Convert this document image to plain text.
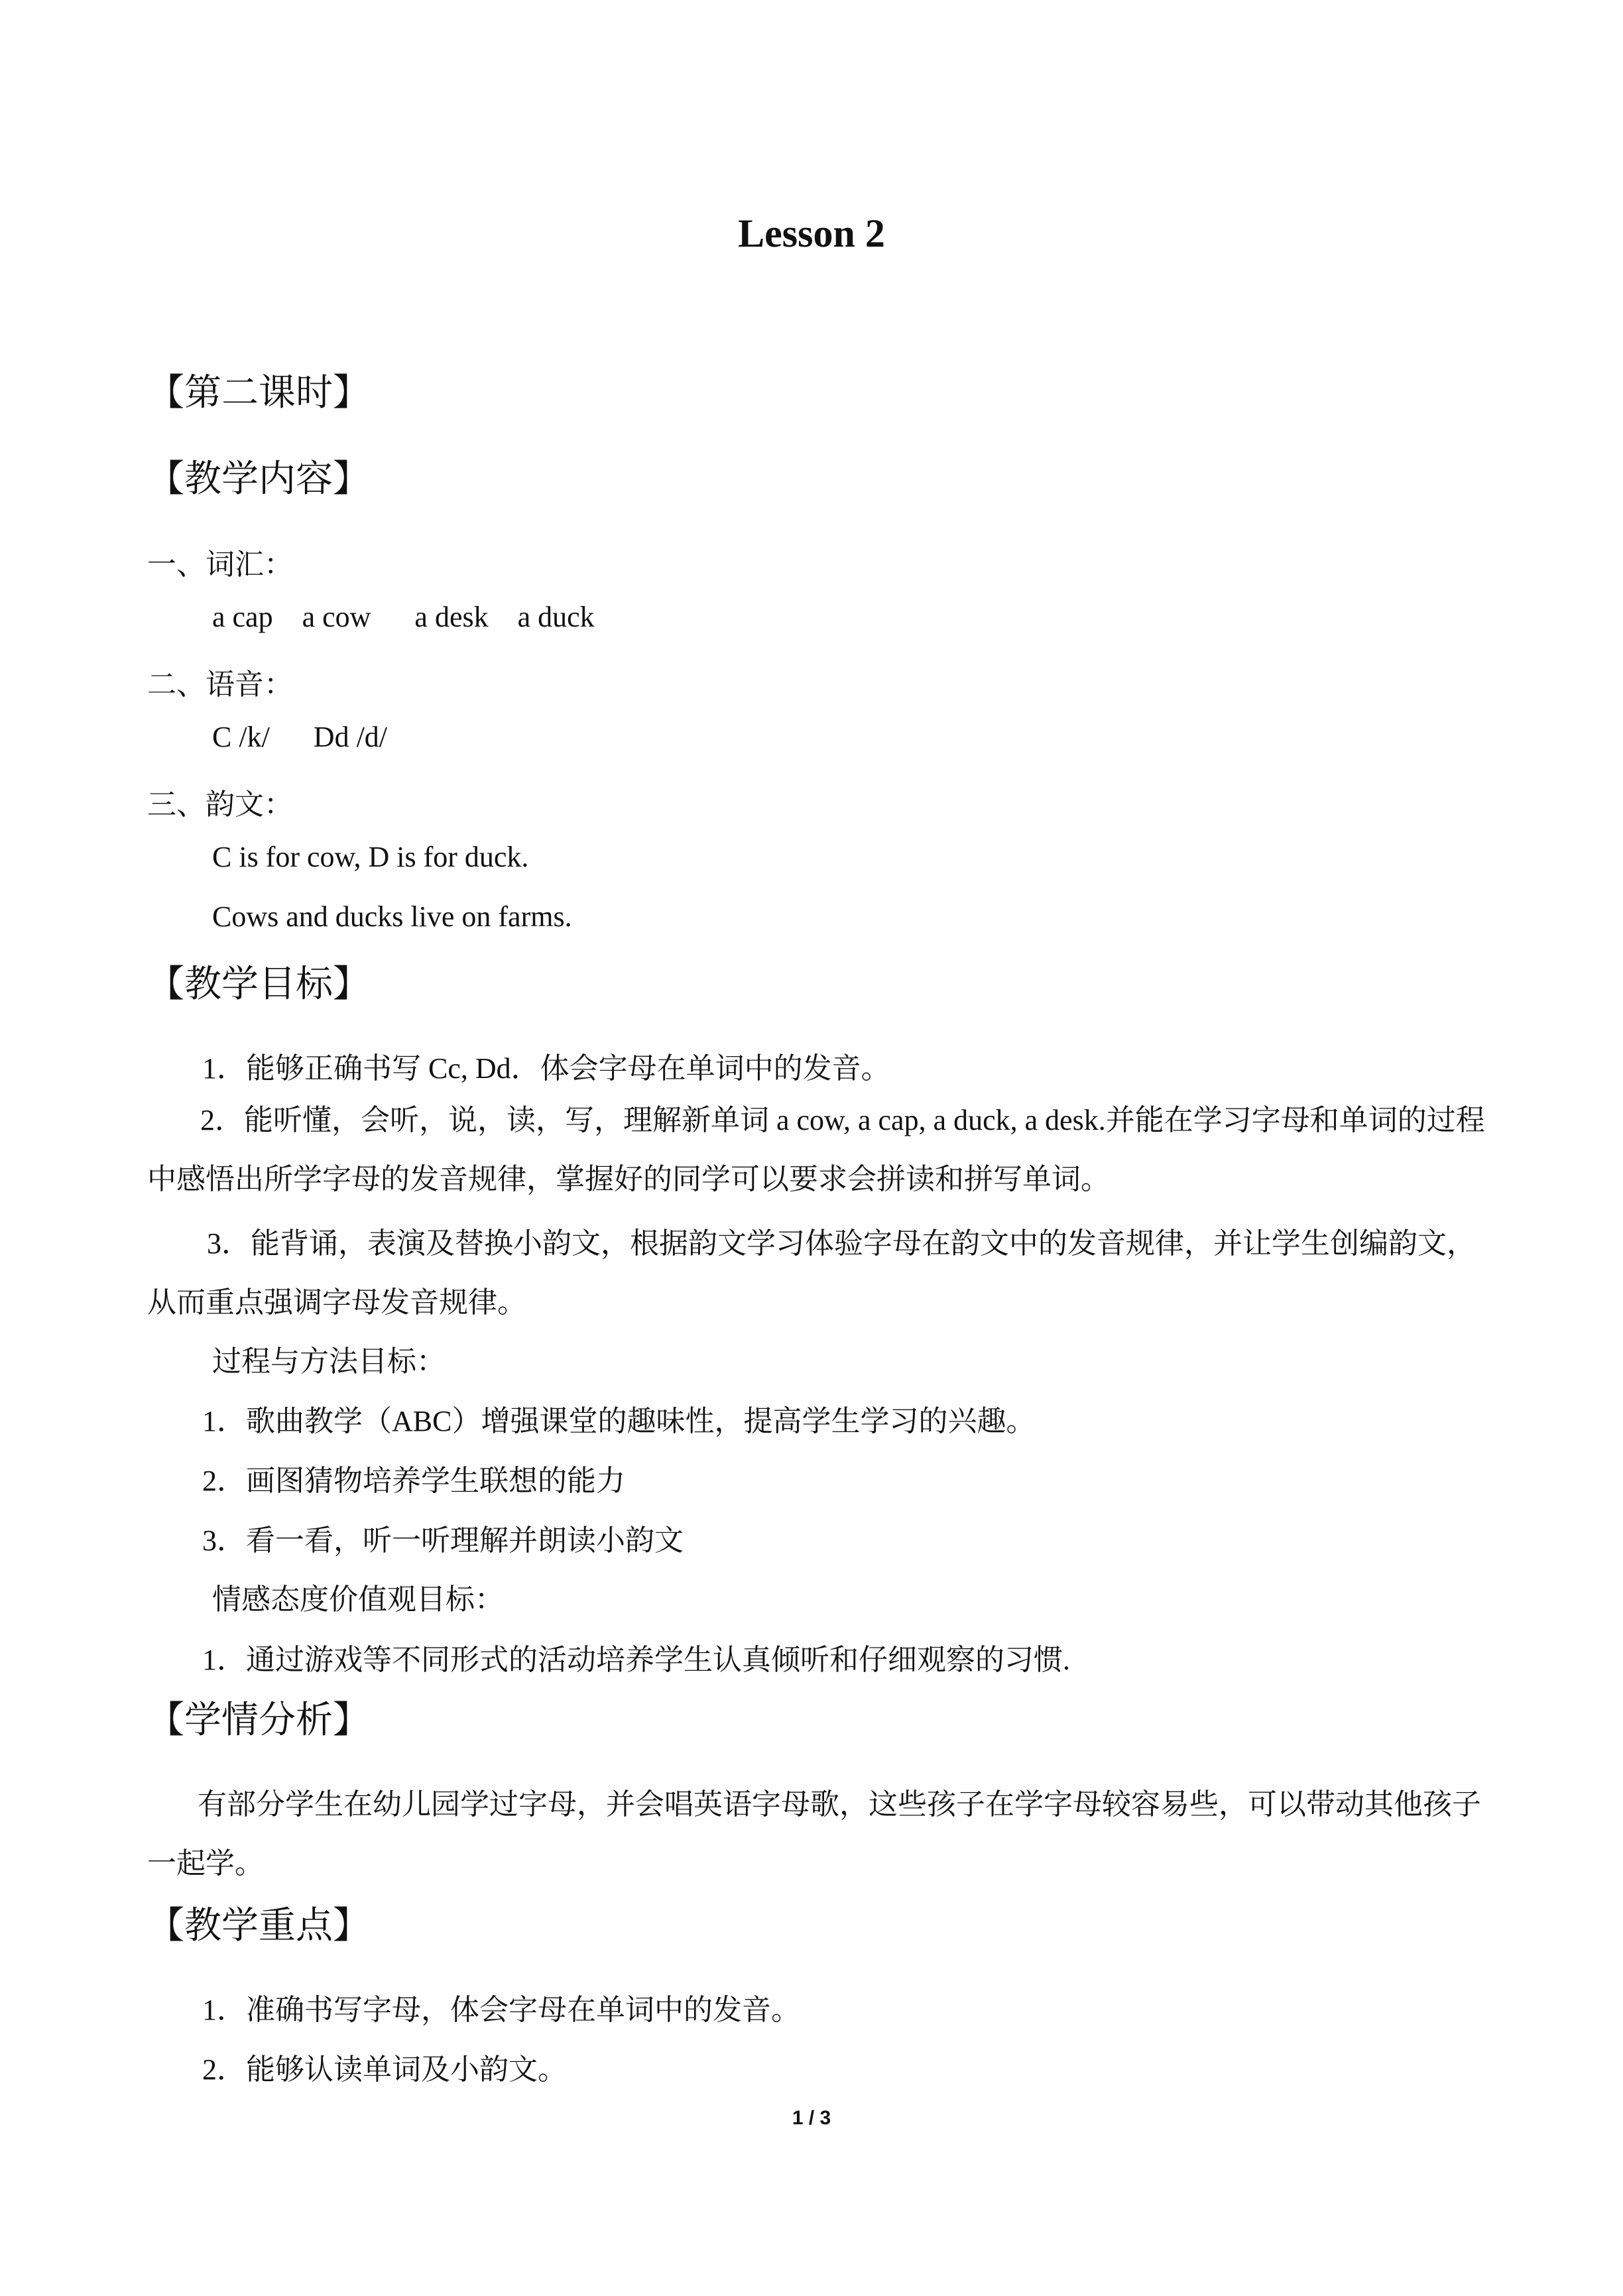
Lesson 2
【第二课时】
【教学内容】
一、词汇：
a cap    a cow      a desk    a duck
二、语音：
C /k/      Dd /d/
三、韵文：
C is for cow, D is for duck.
Cows and ducks live on farms.
【教学目标】
1．能够正确书写 Cc, Dd．体会字母在单词中的发音。
2．能听懂，会听，说，读，写，理解新单词 a cow, a cap, a duck, a desk.并能在学习字母和单词的过程中感悟出所学字母的发音规律，掌握好的同学可以要求会拼读和拼写单词。
3．能背诵，表演及替换小韵文，根据韵文学习体验字母在韵文中的发音规律，并让学生创编韵文，从而重点强调字母发音规律。
过程与方法目标：
1．歌曲教学（ABC）增强课堂的趣味性，提高学生学习的兴趣。
2．画图猜物培养学生联想的能力
3．看一看，听一听理解并朗读小韵文
情感态度价值观目标：
1．通过游戏等不同形式的活动培养学生认真倾听和仔细观察的习惯.
【学情分析】
有部分学生在幼儿园学过字母，并会唱英语字母歌，这些孩子在学字母较容易些，可以带动其他孩子一起学。
【教学重点】
1．准确书写字母，体会字母在单词中的发音。
2．能够认读单词及小韵文。
1 / 3
